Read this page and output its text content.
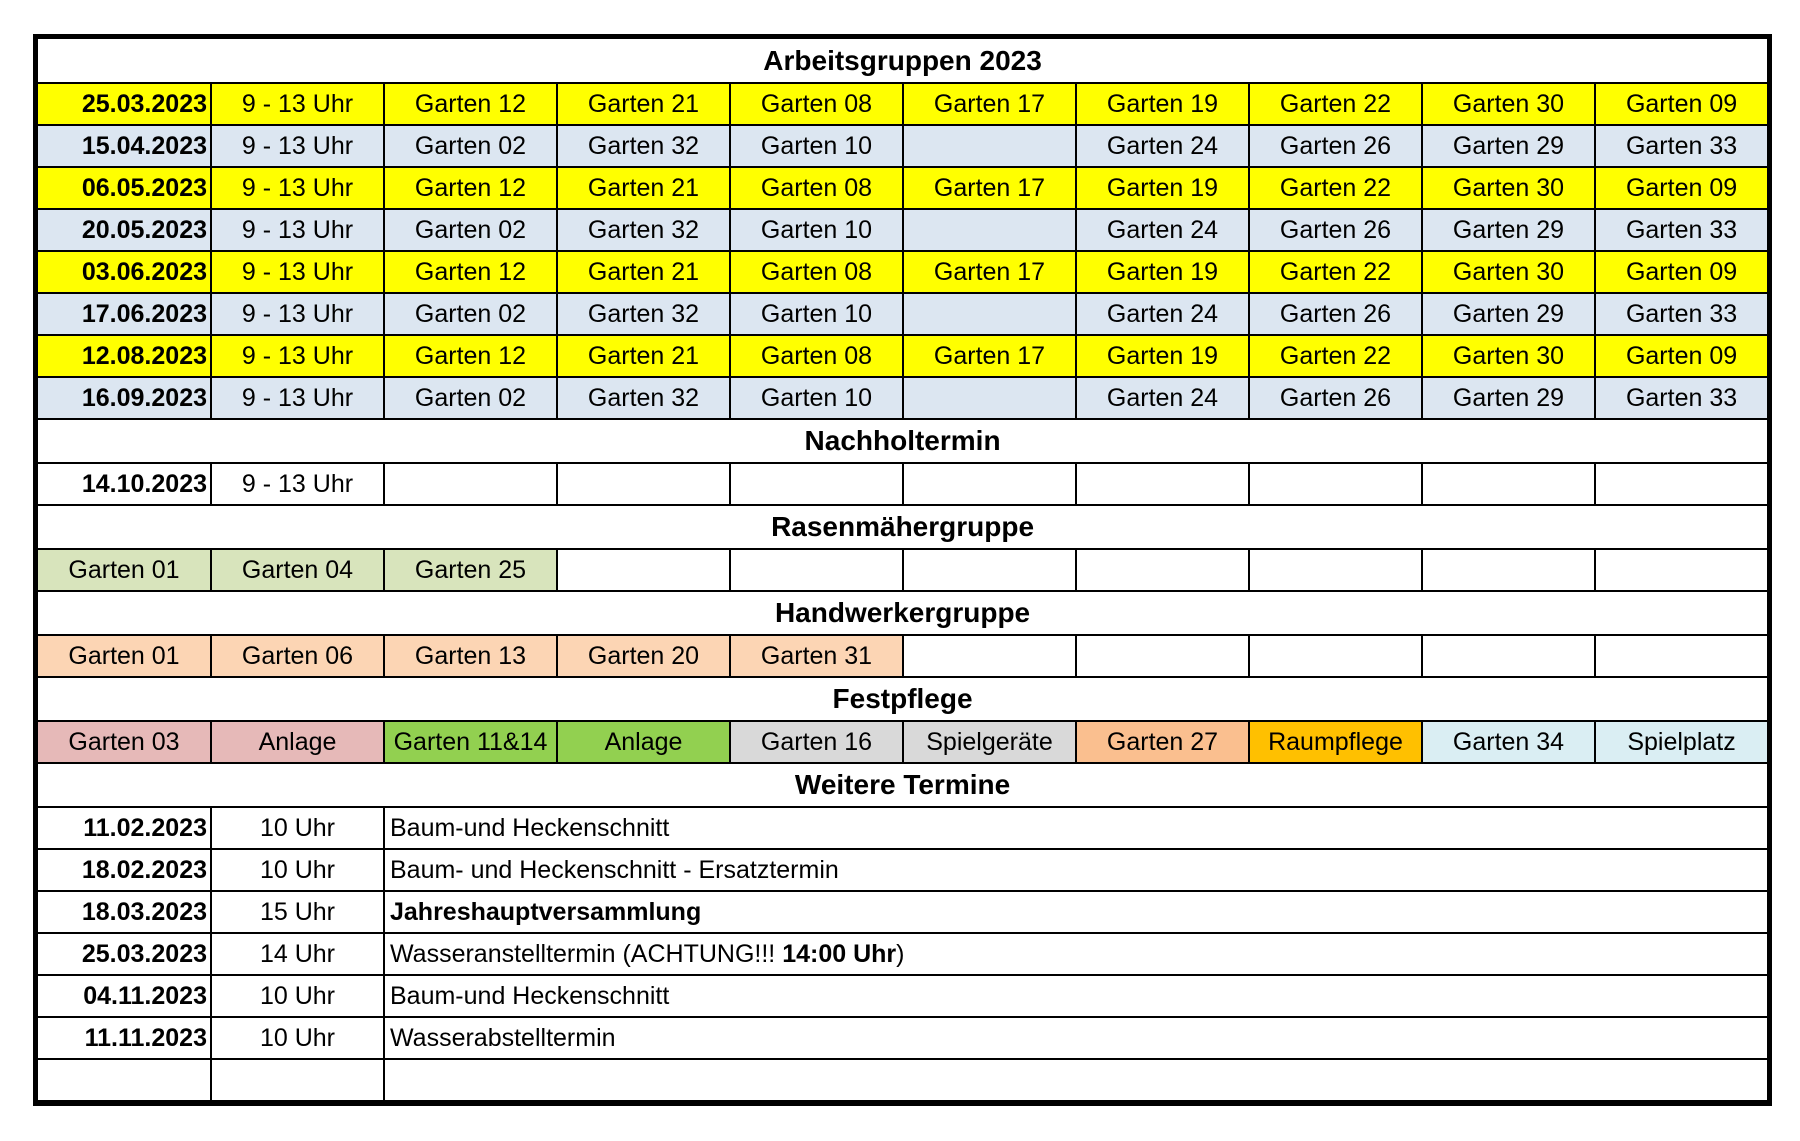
Arbeitsgruppen 2023									
25.03.2023	9 - 13 Uhr	Garten 12	Garten 21	Garten 08	Garten 17	Garten 19	Garten 22	Garten 30	Garten 09
15.04.2023	9 - 13 Uhr	Garten 02	Garten 32	Garten 10		Garten 24	Garten 26	Garten 29	Garten 33
06.05.2023	9 - 13 Uhr	Garten 12	Garten 21	Garten 08	Garten 17	Garten 19	Garten 22	Garten 30	Garten 09
20.05.2023	9 - 13 Uhr	Garten 02	Garten 32	Garten 10		Garten 24	Garten 26	Garten 29	Garten 33
03.06.2023	9 - 13 Uhr	Garten 12	Garten 21	Garten 08	Garten 17	Garten 19	Garten 22	Garten 30	Garten 09
17.06.2023	9 - 13 Uhr	Garten 02	Garten 32	Garten 10		Garten 24	Garten 26	Garten 29	Garten 33
12.08.2023	9 - 13 Uhr	Garten 12	Garten 21	Garten 08	Garten 17	Garten 19	Garten 22	Garten 30	Garten 09
16.09.2023	9 - 13 Uhr	Garten 02	Garten 32	Garten 10		Garten 24	Garten 26	Garten 29	Garten 33
Nachholtermin									
14.10.2023	9 - 13 Uhr								
Rasenmähergruppe									
Garten 01	Garten 04	Garten 25							
Handwerkergruppe									
Garten 01	Garten 06	Garten 13	Garten 20	Garten 31					
Festpflege									
Garten 03	Anlage	Garten 11&14	Anlage	Garten 16	Spielgeräte	Garten 27	Raumpflege	Garten 34	Spielplatz
Weitere Termine									
11.02.2023	10 Uhr	Baum-und Heckenschnitt							
18.02.2023	10 Uhr	Baum- und Heckenschnitt - Ersatztermin							
18.03.2023	15 Uhr	Jahreshauptversammlung							
25.03.2023	14 Uhr	Wasseranstelltermin (ACHTUNG!!! 14:00 Uhr)							
04.11.2023	10 Uhr	Baum-und Heckenschnitt							
11.11.2023	10 Uhr	Wasserabstelltermin							
